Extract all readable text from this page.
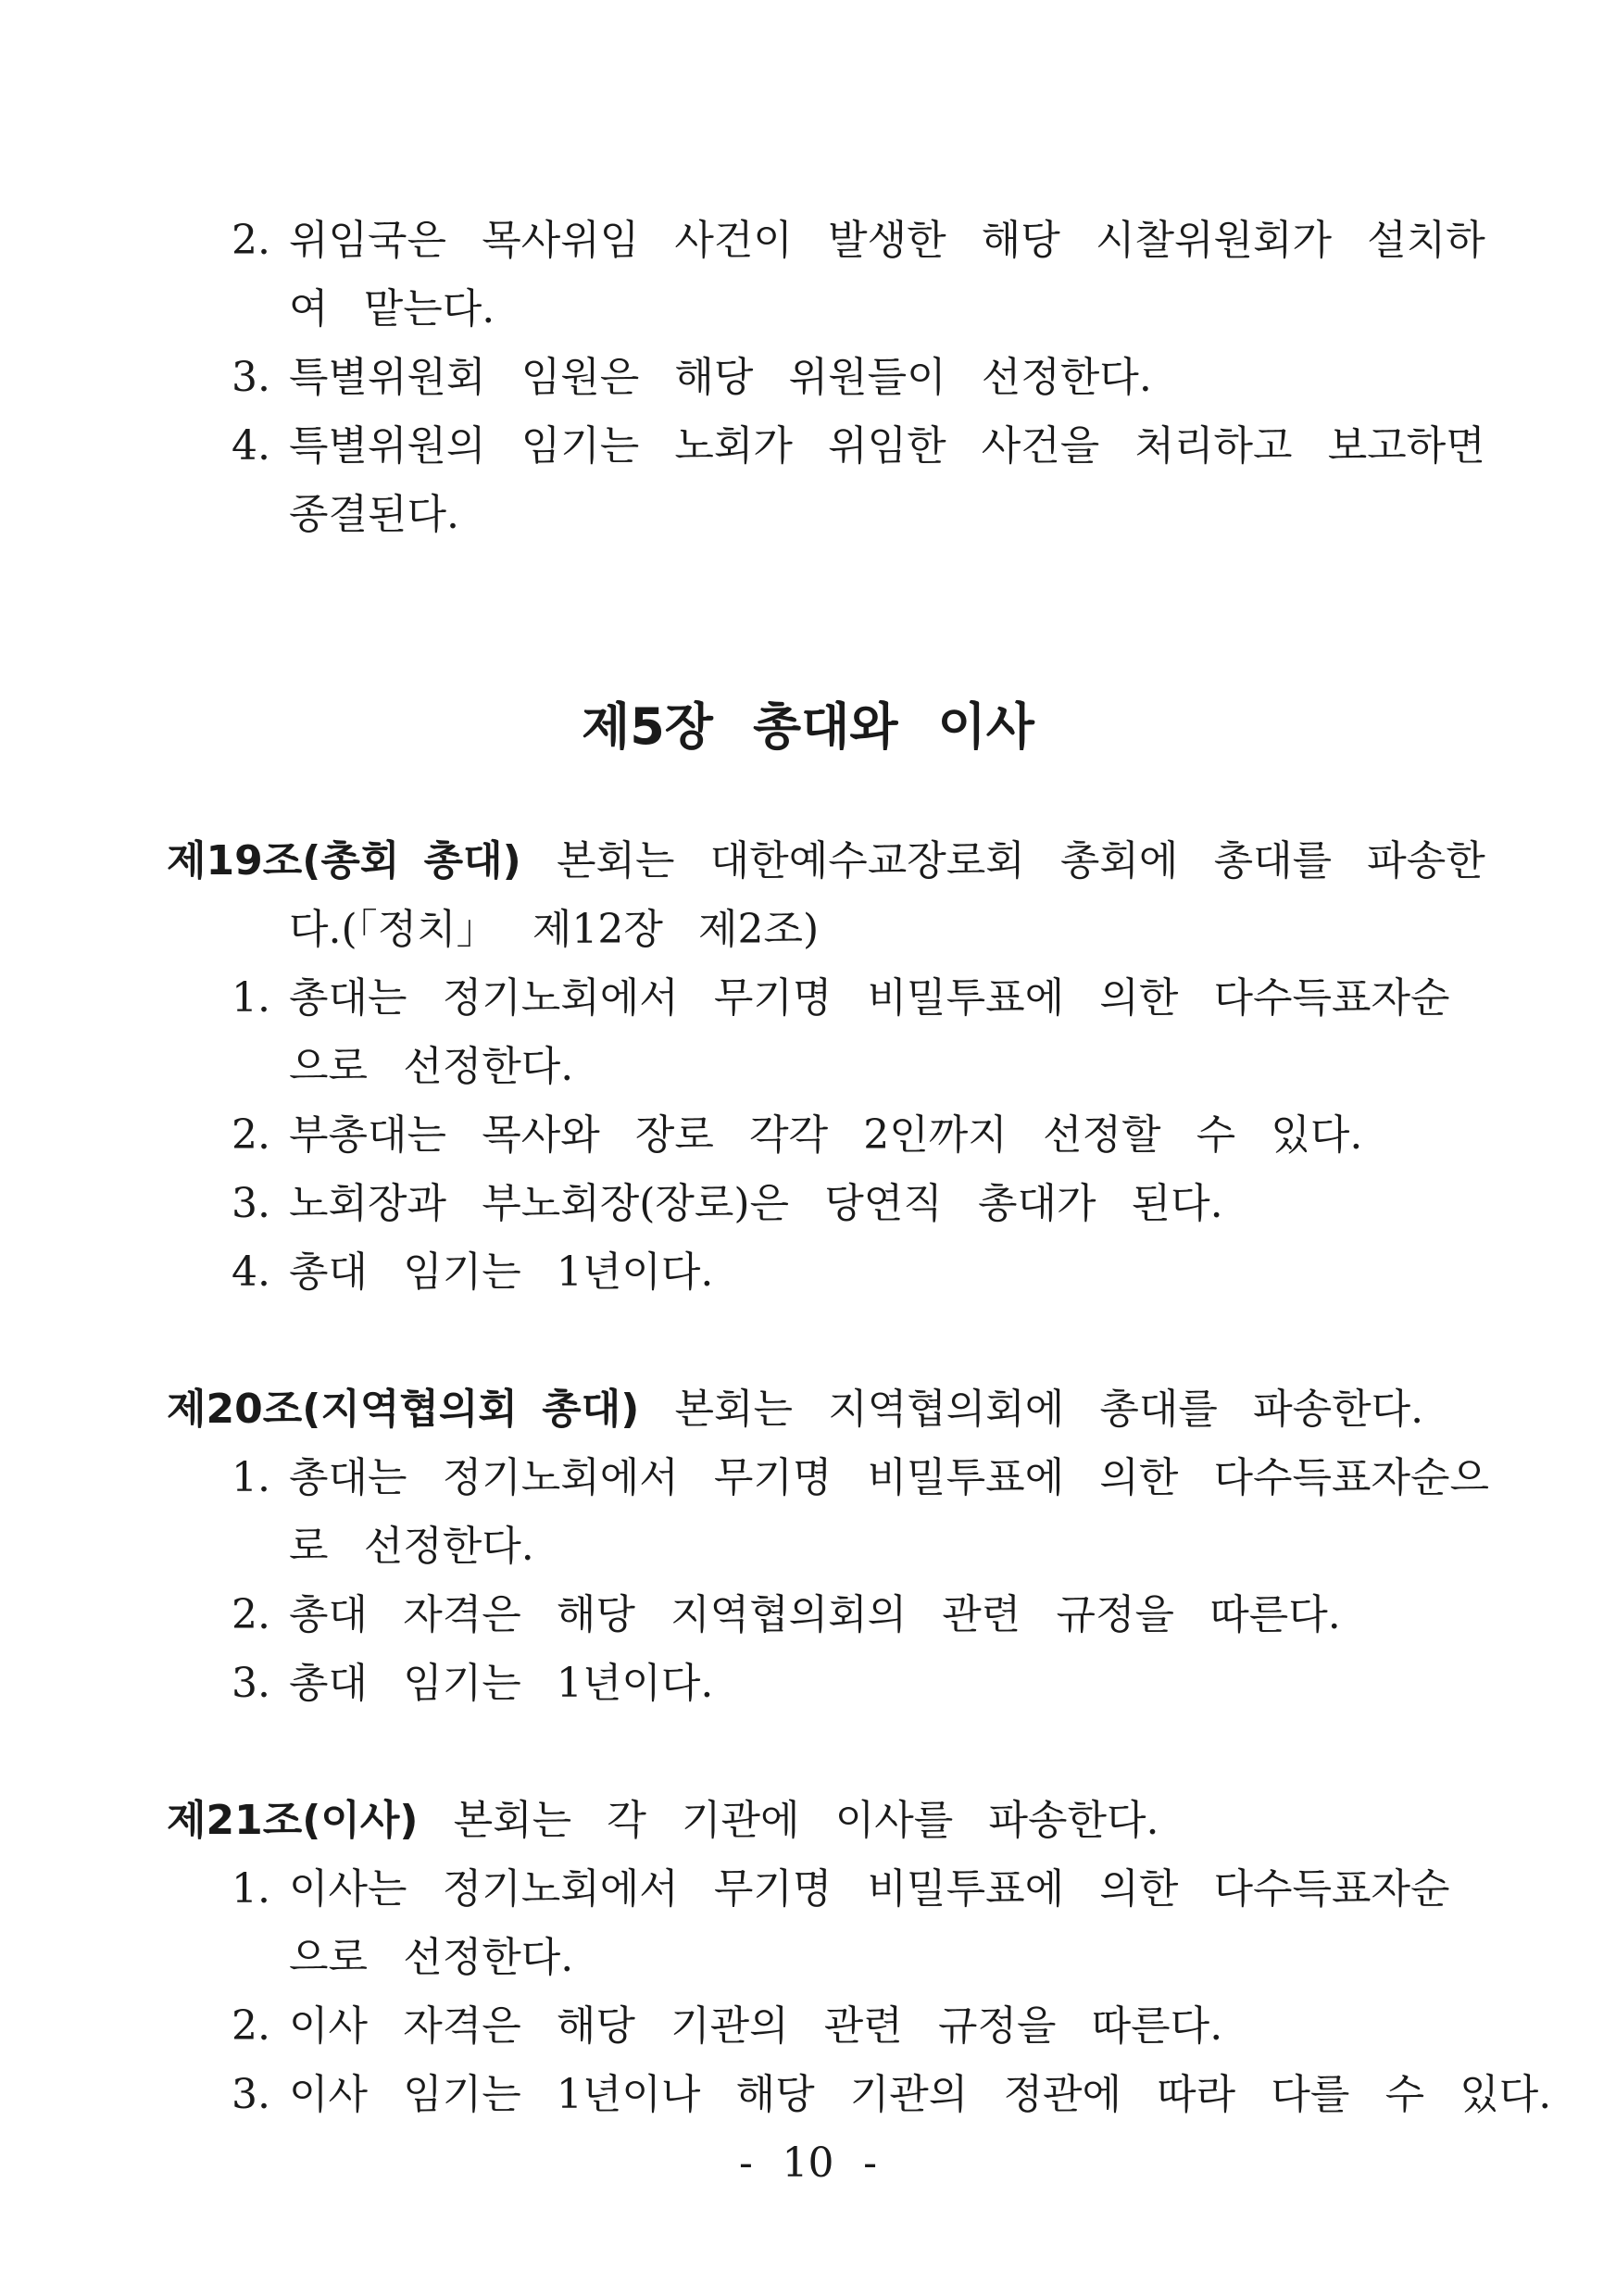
2. 위임국은 목사위임 사건이 발생한 해당 시찰위원회가 설치하
여 맡는다.
3. 특별위원회 임원은 해당 위원들이 선정한다.
4. 특별위원의 임기는 노회가 위임한 사건을 처리하고 보고하면
종결된다.
제5장 총대와 이사
제19조(총회 총대) 본회는 대한예수교장로회 총회에 총대를 파송한
다.(「정치」 제12장 제2조)
1. 총대는 정기노회에서 무기명 비밀투표에 의한 다수득표자순
으로 선정한다.
2. 부총대는 목사와 장로 각각 2인까지 선정할 수 있다.
3. 노회장과 부노회장(장로)은 당연직 총대가 된다.
4. 총대 임기는 1년이다.
제20조(지역협의회 총대) 본회는 지역협의회에 총대를 파송한다.
1. 총대는 정기노회에서 무기명 비밀투표에 의한 다수득표자순으
로 선정한다.
2. 총대 자격은 해당 지역협의회의 관련 규정을 따른다.
3. 총대 임기는 1년이다.
제21조(이사) 본회는 각 기관에 이사를 파송한다.
1. 이사는 정기노회에서 무기명 비밀투표에 의한 다수득표자순
으로 선정한다.
2. 이사 자격은 해당 기관의 관련 규정을 따른다.
3. 이사 임기는 1년이나 해당 기관의 정관에 따라 다를 수 있다.
- 10 -
